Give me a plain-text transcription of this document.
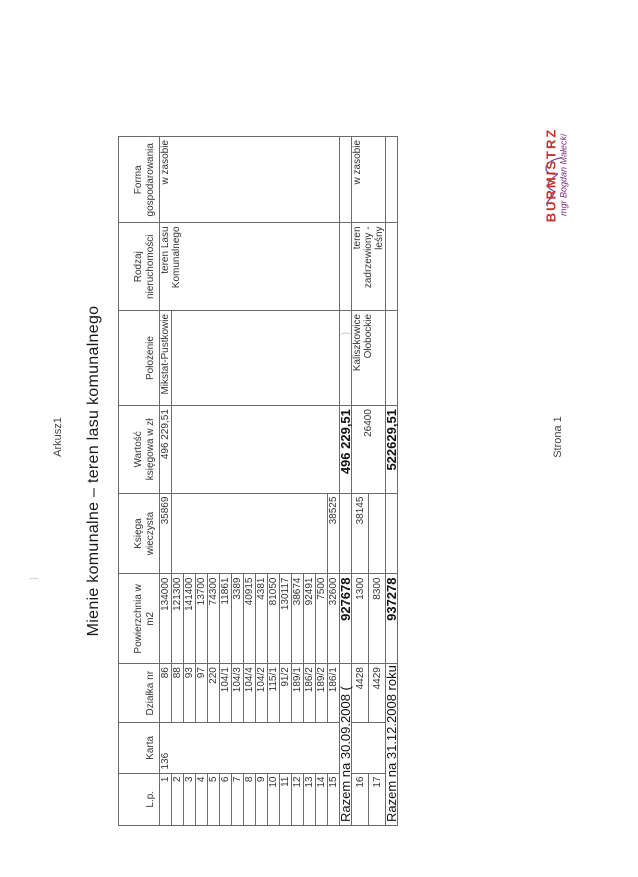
Arkusz1 Mienie komunalne – teren lasu komunalnego	Strona 1
⌒
⌒
L.p.	Karta	Działka nr	Powierzchnia w m2	Księga wieczysta	Wartość księgowa w zł	Położenie	Rodzaj nieruchomości	Forma gospodarowania
1	136	86	134000	35869	496 229,51	Mikstat-Pustkowie	teren Lasu Komunalnego	w zasobie
2		88	121300					
3		93	141400					
4		97	13700					
5		220	74300					
6		104/1	11861					
7		104/3	3389					
8		104/4	40915					
9		104/2	4381					
10		115/1	81050					
11		91/2	130117					
12		189/1	38674					
13		186/2	92491					
14		189/2	7500					
15		186/1	32600	38525				
Razem na 30.09.2008 (			927678		496 229,51			
16		4428	1300	38145	26400	Kaliszkowice Ołobockie	teren zadrzewiony - leśny	w zasobie
17		4429	8300					
Razem na 31.12.2008 roku			937278		522629,51			
BURMISTRZ mgr Bogdan Małecki
